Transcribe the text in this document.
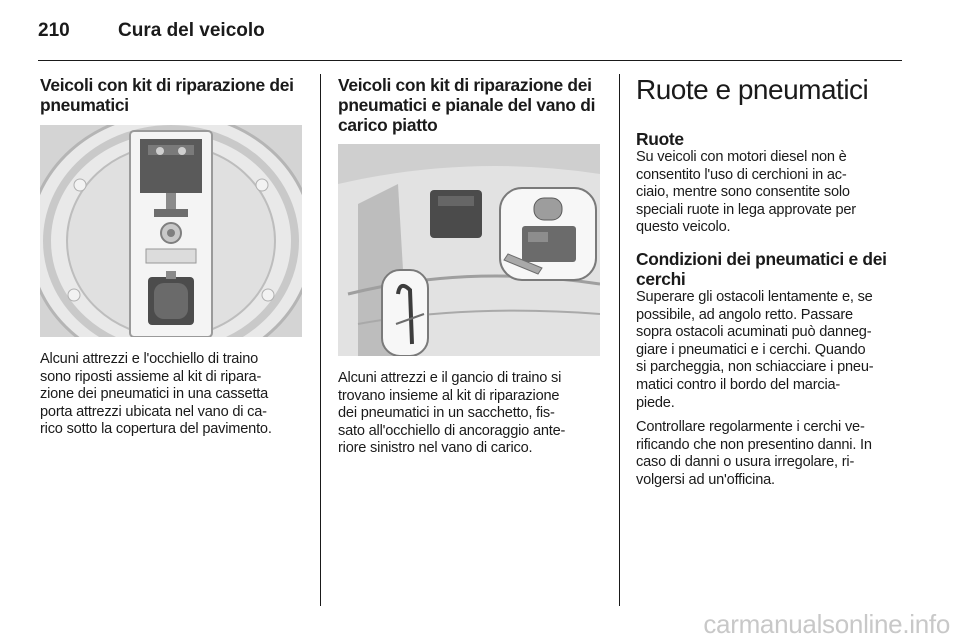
210	Cura del veicolo
Veicoli con kit di riparazione dei
pneumatici

Alcuni attrezzi e l'occhiello di traino
sono riposti assieme al kit di ripara-
zione dei pneumatici in una cassetta
porta attrezzi ubicata nel vano di ca-
rico sotto la copertura del pavimento.

Veicoli con kit di riparazione dei
pneumatici e pianale del vano di
carico piatto

Alcuni attrezzi e il gancio di traino si
trovano insieme al kit di riparazione
dei pneumatici in un sacchetto, fis-
sato all'occhiello di ancoraggio ante-
riore sinistro nel vano di carico.

Ruote e pneumatici
Ruote

Su veicoli con motori diesel non è
consentito l'uso di cerchioni in ac-
ciaio, mentre sono consentite solo
speciali ruote in lega approvate per
questo veicolo.

Condizioni dei pneumatici e dei
cerchi

Superare gli ostacoli lentamente e, se
possibile, ad angolo retto. Passare
sopra ostacoli acuminati può danneg-
giare i pneumatici e i cerchi. Quando
si parcheggia, non schiacciare i pneu-
matici contro il bordo del marcia-
piede.

Controllare regolarmente i cerchi ve-
rificando che non presentino danni. In
caso di danni o usura irregolare, ri-
volgersi ad un'officina.

carmanualsonline.info
